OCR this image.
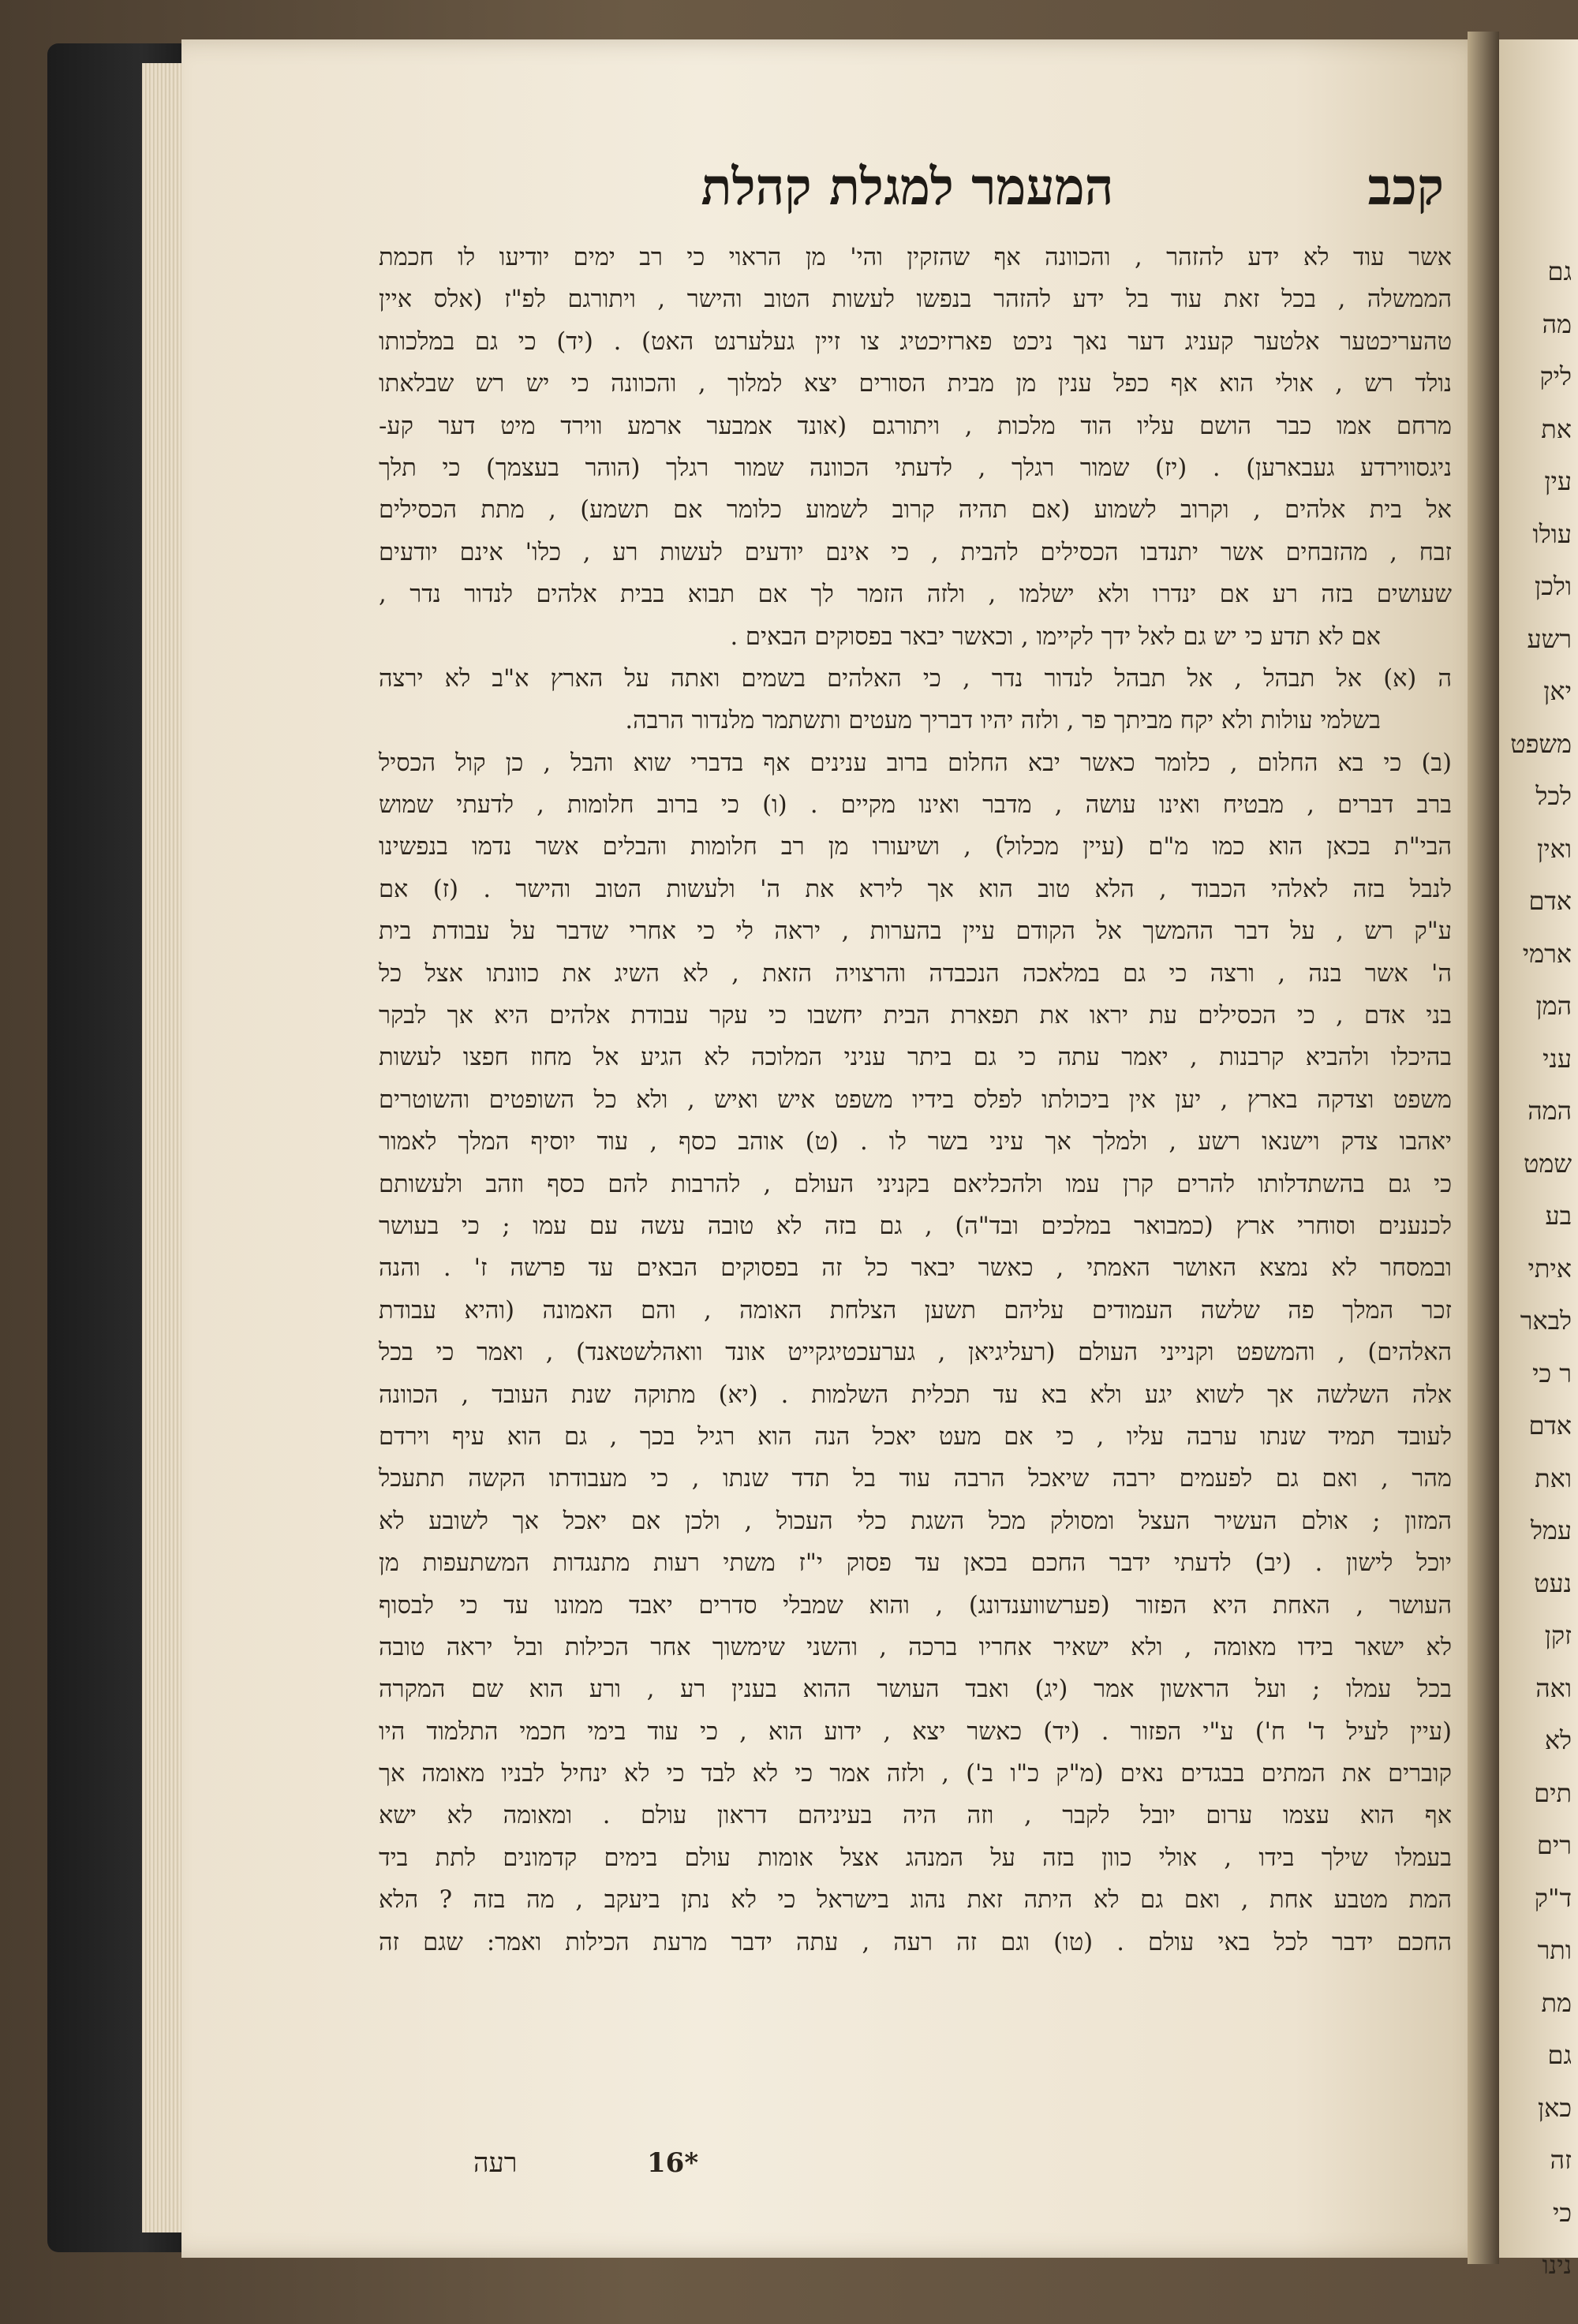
גם
מה
ליק
את
עין
עולו
ולכן
רשע
יאן
משפט
לכל
ואין
אדם
ארמי
המן
עני
המה
שמט
בע
איתי
לבאר
ר כי
אדם
ואת
עמל
נעט
זקן
ואה
לא
תים
רים
ד"ק
ותר
מת
גם
כאן
זה
כי
נינו
קכב
המעמר למגלת קהלת
אשר עוד לא ידע להזהר , והכוונה אף שהזקין והי' מן הראוי כי רב ימים יודיעו לו חכמת
הממשלה , בכל זאת עוד בל ידע להזהר בנפשו לעשות הטוב והישר , ויתורגם לפ"ז (אלס איין
טהעריכטער אלטער קעניג דער נאך ניכט פארזיכטיג צו זיין געלערנט האט) . (יד) כי גם במלכותו
נולד רש , אולי הוא אף כפל ענין מן מבית הסורים יצא למלוך , והכוונה כי יש רש שבלאתו
מרחם אמו כבר הושם עליו הוד מלכות , ויתורגם (אונד אמבער ארמע ווירד מיט דער קע-
ניגסווירדע געבארען) . (יז) שמור רגלך , לדעתי הכוונה שמור רגלך (הוהר בעצמך) כי תלך
אל בית אלהים , וקרוב לשמוע (אם תהיה קרוב לשמוע כלומר אם תשמע) , מתת הכסילים
זבח , מהזבחים אשר יתנדבו הכסילים להבית , כי אינם יודעים לעשות רע , כלו' אינם יודעים
שעושים בזה רע אם ינדרו ולא ישלמו , ולזה הזמר לך אם תבוא בבית אלהים לנדור נדר ,
אם לא תדע כי יש גם לאל ידך לקיימו , וכאשר יבאר בפסוקים הבאים .
ה (א) אל תבהל , אל תבהל לנדור נדר , כי האלהים בשמים ואתה על הארץ א"ב לא ירצה
בשלמי עולות ולא יקח מביתך פר , ולזה יהיו דבריך מעטים ותשתמר מלנדור הרבה.
(ב) כי בא החלום , כלומר כאשר יבא החלום ברוב ענינים אף בדברי שוא והבל , כן קול הכסיל
ברב דברים , מבטיח ואינו עושה , מדבר ואינו מקיים . (ו) כי ברוב חלומות , לדעתי שמוש
הבי"ת בכאן הוא כמו מ"ם (עיין מכלול) , ושיעורו מן רב חלומות והבלים אשר נדמו בנפשינו
לנבל בזה לאלהי הכבוד , הלא טוב הוא אך לירא את ה' ולעשות הטוב והישר . (ז) אם
ע"ק רש , על דבר ההמשך אל הקודם עיין בהערות , יראה לי כי אחרי שדבר על עבודת בית
ה' אשר בנה , ורצה כי גם במלאכה הנכבדה והרצויה הזאת , לא השיג את כוונתו אצל כל
בני אדם , כי הכסילים עת יראו את תפארת הבית יחשבו כי עקר עבודת אלהים היא אך לבקר
בהיכלו ולהביא קרבנות , יאמר עתה כי גם ביתר עניני המלוכה לא הגיע אל מחוז חפצו לעשות
משפט וצדקה בארץ , יען אין ביכולתו לפלס בידיו משפט איש ואיש , ולא כל השופטים והשוטרים
יאהבו צדק וישנאו רשע , ולמלך אך עיני בשר לו . (ט) אוהב כסף , עוד יוסיף המלך לאמור
כי גם בהשתדלותו להרים קרן עמו ולהכליאם בקניני העולם , להרבות להם כסף וזהב ולעשותם
לכנענים וסוחרי ארץ (כמבואר במלכים ובד"ה) , גם בזה לא טובה עשה עם עמו ; כי בעושר
ובמסחר לא נמצא האושר האמתי , כאשר יבאר כל זה בפסוקים הבאים עד פרשה ז' . והנה
זכר המלך פה שלשה העמודים עליהם תשען הצלחת האומה , והם האמונה (והיא עבודת
האלהים) , והמשפט וקנייני העולם (רעליגיאן , גערעכטיגקייט אונד וואהלשטאנד) , ואמר כי בכל
אלה השלשה אך לשוא יגע ולא בא עד תכלית השלמות . (יא) מתוקה שנת העובד , הכוונה
לעובד תמיד שנתו ערבה עליו , כי אם מעט יאכל הנה הוא רגיל בכך , גם הוא עיף וירדם
מהר , ואם גם לפעמים ירבה שיאכל הרבה עוד בל תדד שנתו , כי מעבודתו הקשה תתעכל
המזון ; אולם העשיר העצל ומסולק מכל השגת כלי העכול , ולכן אם יאכל אך לשובע לא
יוכל לישון . (יב) לדעתי ידבר החכם בכאן עד פסוק י"ז משתי רעות מתנגדות המשתעפות מן
העושר , האחת היא הפזור (פערשווענדונג) , והוא שמבלי סדרים יאבד ממונו עד כי לבסוף
לא ישאר בידו מאומה , ולא ישאיר אחריו ברכה , והשני שימשוך אחר הכילות ובל יראה טובה
בכל עמלו ; ועל הראשון אמר (יג) ואבד העושר ההוא בענין רע , ורע הוא שם המקרה
(עיין לעיל ד' ח') ע"י הפזור . (יד) כאשר יצא , ידוע הוא , כי עוד בימי חכמי התלמוד היו
קוברים את המתים בבגדים נאים (מ"ק כ"ו ב') , ולזה אמר כי לא לבד כי לא ינחיל לבניו מאומה אך
אף הוא עצמו ערום יובל לקבר , וזה היה בעיניהם דראון עולם . ומאומה לא ישא
בעמלו שילך בידו , אולי כוון בזה על המנהג אצל אומות עולם בימים קדמונים לתת ביד
המת מטבע אחת , ואם גם לא היתה זאת נהוג בישראל כי לא נתן ביעקב , מה בזה ? הלא
החכם ידבר לכל באי עולם . (טו) וגם זה רעה , עתה ידבר מרעת הכילות ואמר: שגם זה
רעה	16*
